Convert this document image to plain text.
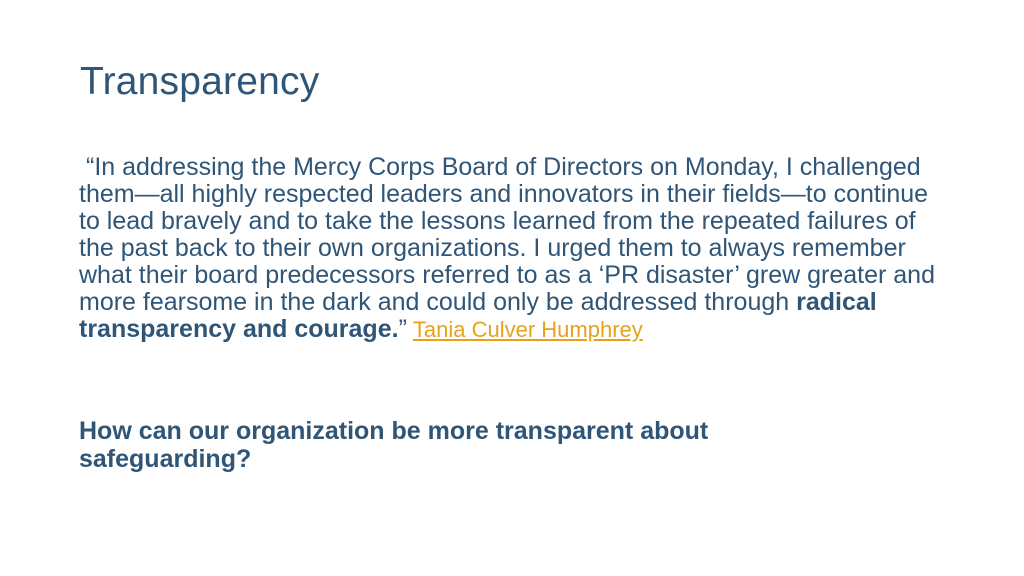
Transparency
“In addressing the Mercy Corps Board of Directors on Monday, I challenged them—all highly respected leaders and innovators in their fields—to continue to lead bravely and to take the lessons learned from the repeated failures of the past back to their own organizations. I urged them to always remember what their board predecessors referred to as a ‘PR disaster’ grew greater and more fearsome in the dark and could only be addressed through radical transparency and courage.” Tania Culver Humphrey
How can our organization be more transparent about safeguarding?
